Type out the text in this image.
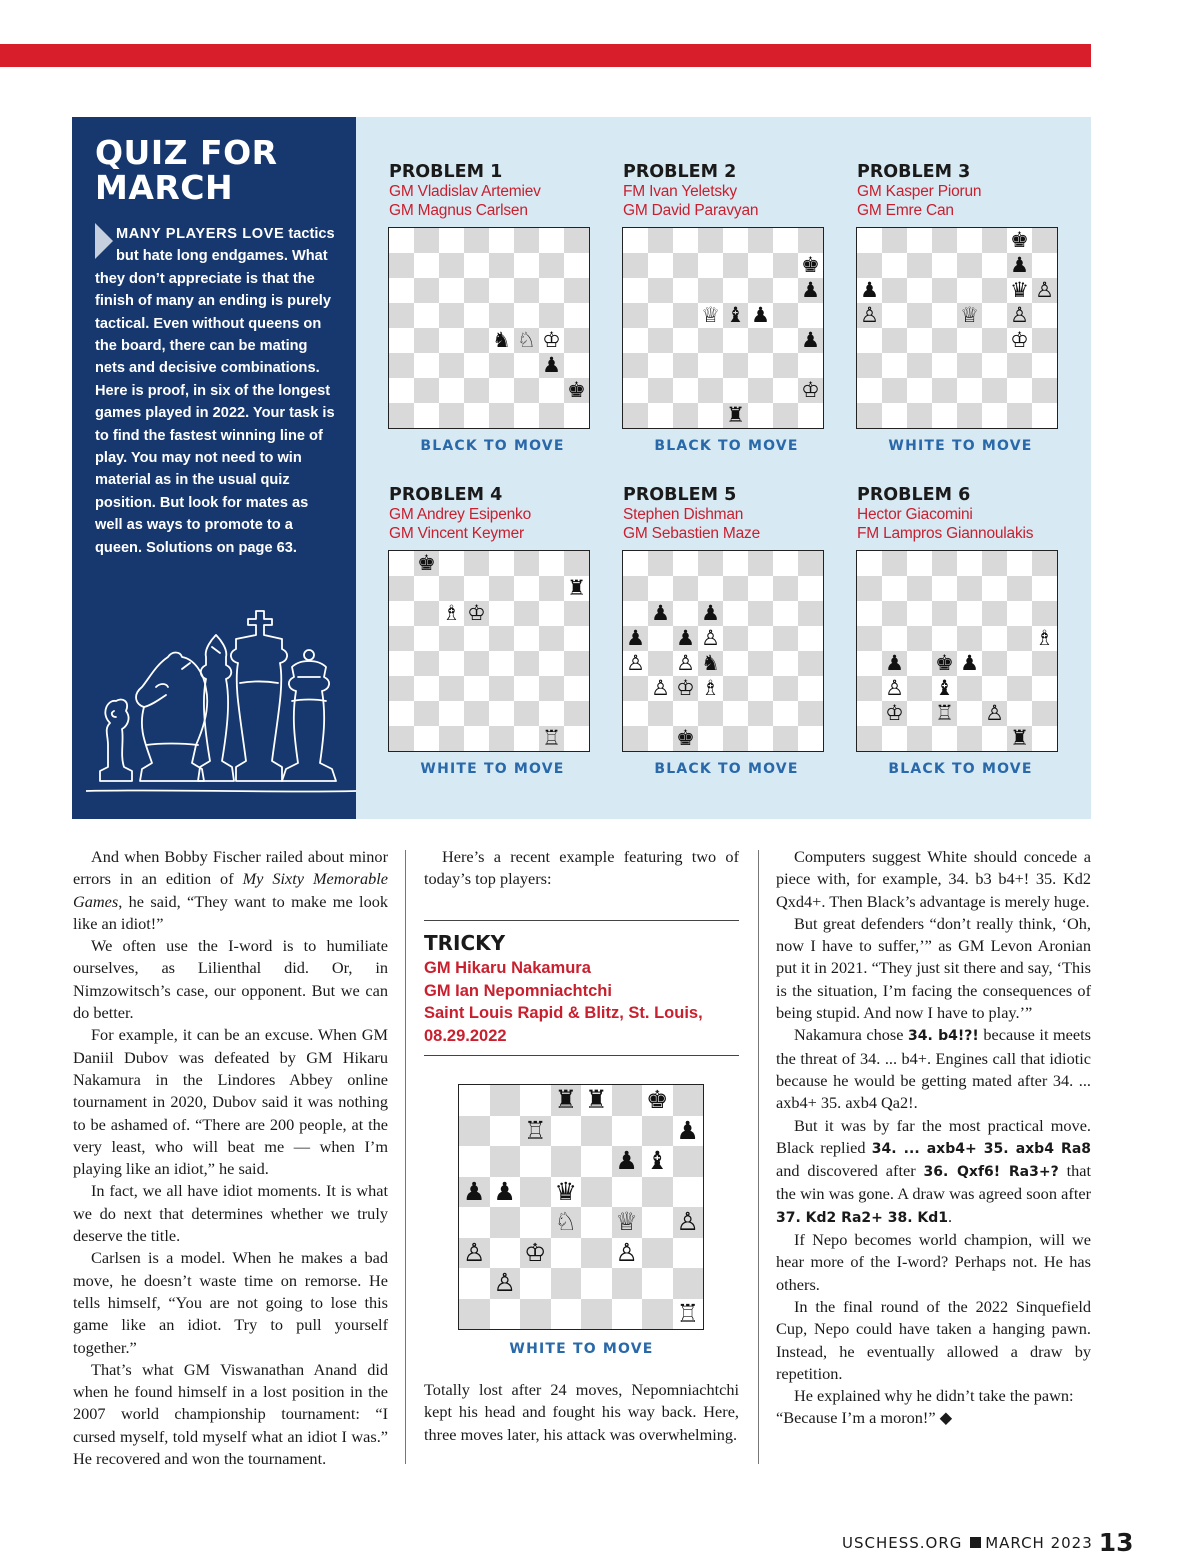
QUIZ FOR
MARCH

MANY PLAYERS LOVE tactics but hate long endgames. What they don’t appreciate is that the finish of many an ending is purely tactical. Even without queens on the board, there can be mating nets and decisive combinations. Here is proof, in six of the longest games played in 2022. Your task is to find the fastest winning line of play. You may not need to win material as in the usual quiz position. But look for mates as well as ways to promote to a queen. Solutions on page 63.

PROBLEM 1

GM Vladislav Artemiev

GM Magnus Carlsen

♞ ♘ ♔
♟
♚

BLACK TO MOVE

PROBLEM 2

FM Ivan Yeletsky

GM David Paravyan

♚
♟
♕ ♝ ♟
♟
♔
♜

BLACK TO MOVE

PROBLEM 3

GM Kasper Piorun

GM Emre Can

♚
♟
♟	♛ ♙
♙	♕ ♙
♔

WHITE TO MOVE

PROBLEM 4

GM Andrey Esipenko

GM Vincent Keymer

♚
♜
♗ ♔
♖

WHITE TO MOVE

PROBLEM 5

Stephen Dishman

GM Sebastien Maze

♟ ♟
♟ ♟ ♙
♙ ♙ ♞
♙ ♔ ♗
♚

BLACK TO MOVE

PROBLEM 6

Hector Giacomini

FM Lampros Giannoulakis

♗
♟ ♚ ♟
♙ ♝
♔ ♖ ♙
♜

BLACK TO MOVE

And when Bobby Fischer railed about minor errors in an edition of My Sixty Memorable Games, he said, “They want to make me look like an idiot!”

We often use the I-word is to humiliate ourselves, as Lilienthal did. Or, in Nimzowitsch’s case, our opponent. But we can do better.

For example, it can be an excuse. When GM Daniil Dubov was defeated by GM Hikaru Nakamura in the Lindores Abbey online tournament in 2020, Dubov said it was nothing to be ashamed of. “There are 200 people, at the very least, who will beat me — when I’m playing like an idiot,” he said.

In fact, we all have idiot moments. It is what we do next that determines whether we truly deserve the title.

Carlsen is a model. When he makes a bad move, he doesn’t waste time on remorse. He tells himself, “You are not going to lose this game like an idiot. Try to pull yourself together.”

That’s what GM Viswanathan Anand did when he found himself in a lost position in the 2007 world championship tournament: “I cursed myself, told myself what an idiot I was.” He recovered and won the tournament.

Here’s a recent example featuring two of today’s top players:

TRICKY

GM Hikaru Nakamura
GM Ian Nepomniachtchi
Saint Louis Rapid & Blitz, St. Louis, 08.29.2022

♜ ♜ ♚
♖	♟
♟ ♝
♟ ♟ ♛
♘ ♕ ♙
♙ ♔	♙
♙
♖

WHITE TO MOVE

Totally lost after 24 moves, Nepomniachtchi kept his head and fought his way back. Here, three moves later, his attack was overwhelming.

Computers suggest White should concede a piece with, for example, 34. b3 b4+! 35. Kd2 Qxd4+. Then Black’s advantage is merely huge.

But great defenders “don’t really think, ‘Oh, now I have to suffer,’” as GM Levon Aronian put it in 2021. “They just sit there and say, ‘This is the situation, I’m facing the consequences of being stupid. And now I have to play.’”

Nakamura chose 34. b4!?! because it meets the threat of 34. ... b4+. Engines call that idiotic because he would be getting mated after 34. ... axb4+ 35. axb4 Qa2!.

But it was by far the most practical move. Black replied 34. ... axb4+ 35. axb4 Ra8 and discovered after 36. Qxf6! Ra3+? that the win was gone. A draw was agreed soon after 37. Kd2 Ra2+ 38. Kd1.

If Nepo becomes world champion, will we hear more of the I-word? Perhaps not. He has others.

In the final round of the 2022 Sinquefield Cup, Nepo could have taken a hanging pawn. Instead, he eventually allowed a draw by repetition.

He explained why he didn’t take the pawn: “Because I’m a moron!” ◆

USCHESS.ORG MARCH 2023 13
